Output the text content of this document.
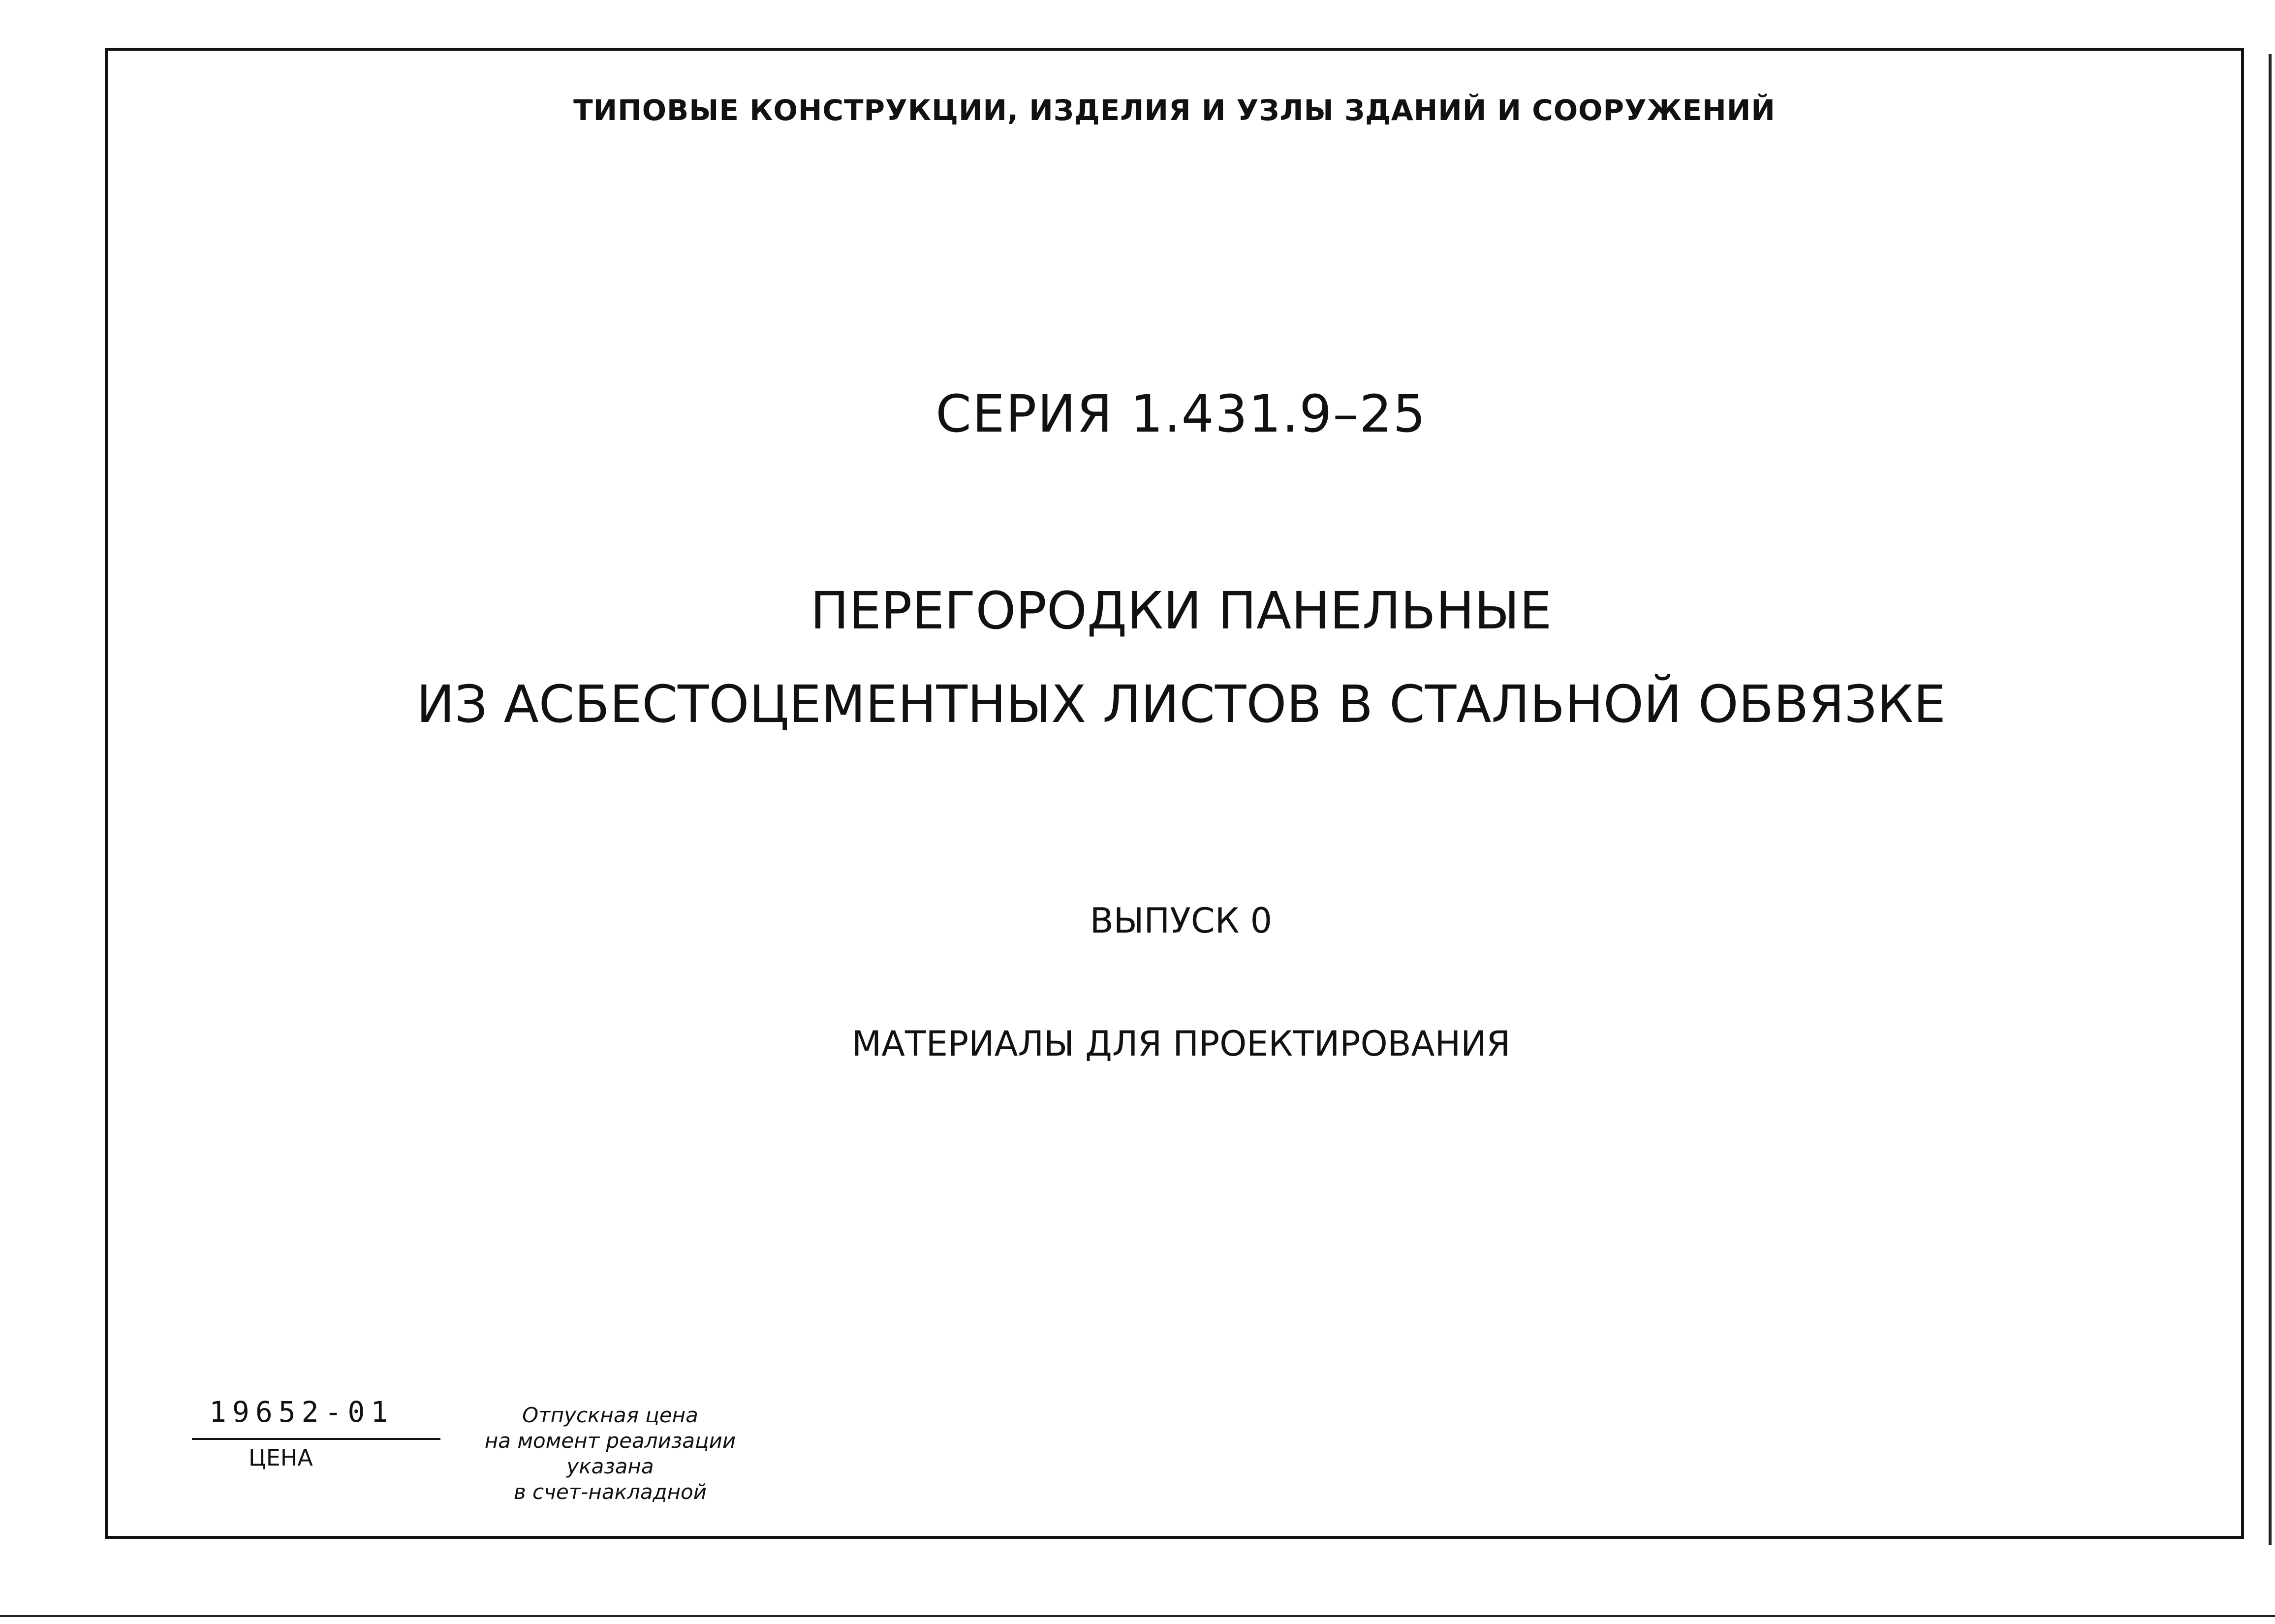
ТИПОВЫЕ КОНСТРУКЦИИ, ИЗДЕЛИЯ И УЗЛЫ ЗДАНИЙ И СООРУЖЕНИЙ
СЕРИЯ 1.431.9–25
ПЕРЕГОРОДКИ ПАНЕЛЬНЫЕ
ИЗ АСБЕСТОЦЕМЕНТНЫХ ЛИСТОВ В СТАЛЬНОЙ ОБВЯЗКЕ
ВЫПУСК 0
МАТЕРИАЛЫ ДЛЯ ПРОЕКТИРОВАНИЯ
19652-01
ЦЕНА
Отпускная цена
на момент реализации
указана
в счет-накладной
